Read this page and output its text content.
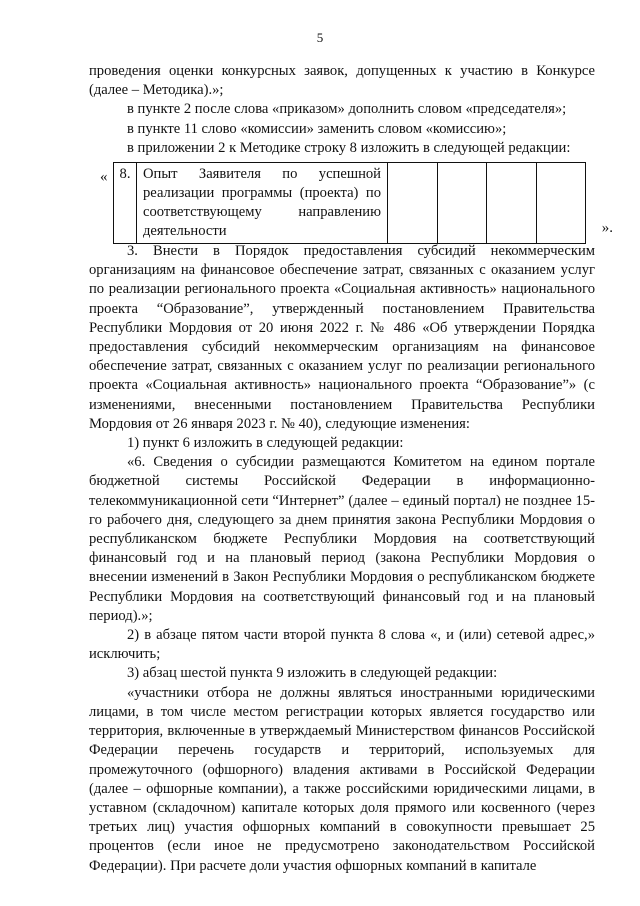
5

проведения оценки конкурсных заявок, допущенных к участию в Конкурсе (далее – Методика).»;

в пункте 2 после слова «приказом» дополнить словом «председателя»;

в пункте 11 слово «комиссии» заменить словом «комиссию»;

в приложении 2 к Методике строку 8 изложить в следующей редакции:

« 8.	Опыт Заявителя по успешной реализации программы (проекта) по соответствующему направлению деятельности					».

3. Внести в Порядок предоставления субсидий некоммерческим организациям на финансовое обеспечение затрат, связанных с оказанием услуг по реализации регионального проекта «Социальная активность» национального проекта “Образование”, утвержденный постановлением Правительства Республики Мордовия от 20 июня 2022 г. № 486 «Об утверждении Порядка предоставления субсидий некоммерческим организациям на финансовое обеспечение затрат, связанных с оказанием услуг по реализации регионального проекта «Социальная активность» национального проекта “Образование”» (с изменениями, внесенными постановлением Правительства Республики Мордовия от 26 января 2023 г. № 40), следующие изменения:

1) пункт 6 изложить в следующей редакции:

«6. Сведения о субсидии размещаются Комитетом на едином портале бюджетной системы Российской Федерации в информационно-телекоммуникационной сети “Интернет” (далее – единый портал) не позднее 15-го рабочего дня, следующего за днем принятия закона Республики Мордовия о республиканском бюджете Республики Мордовия на соответствующий финансовый год и на плановый период (закона Республики Мордовия о внесении изменений в Закон Республики Мордовия о республиканском бюджете Республики Мордовия на соответствующий финансовый год и на плановый период).»;

2) в абзаце пятом части второй пункта 8 слова «, и (или) сетевой адрес,» исключить;

3) абзац шестой пункта 9 изложить в следующей редакции:

«участники отбора не должны являться иностранными юридическими лицами, в том числе местом регистрации которых является государство или территория, включенные в утверждаемый Министерством финансов Российской Федерации перечень государств и территорий, используемых для промежуточного (офшорного) владения активами в Российской Федерации (далее – офшорные компании), а также российскими юридическими лицами, в уставном (складочном) капитале которых доля прямого или косвенного (через третьих лиц) участия офшорных компаний в совокупности превышает 25 процентов (если иное не предусмотрено законодательством Российской Федерации). При расчете доли участия офшорных компаний в капитале
